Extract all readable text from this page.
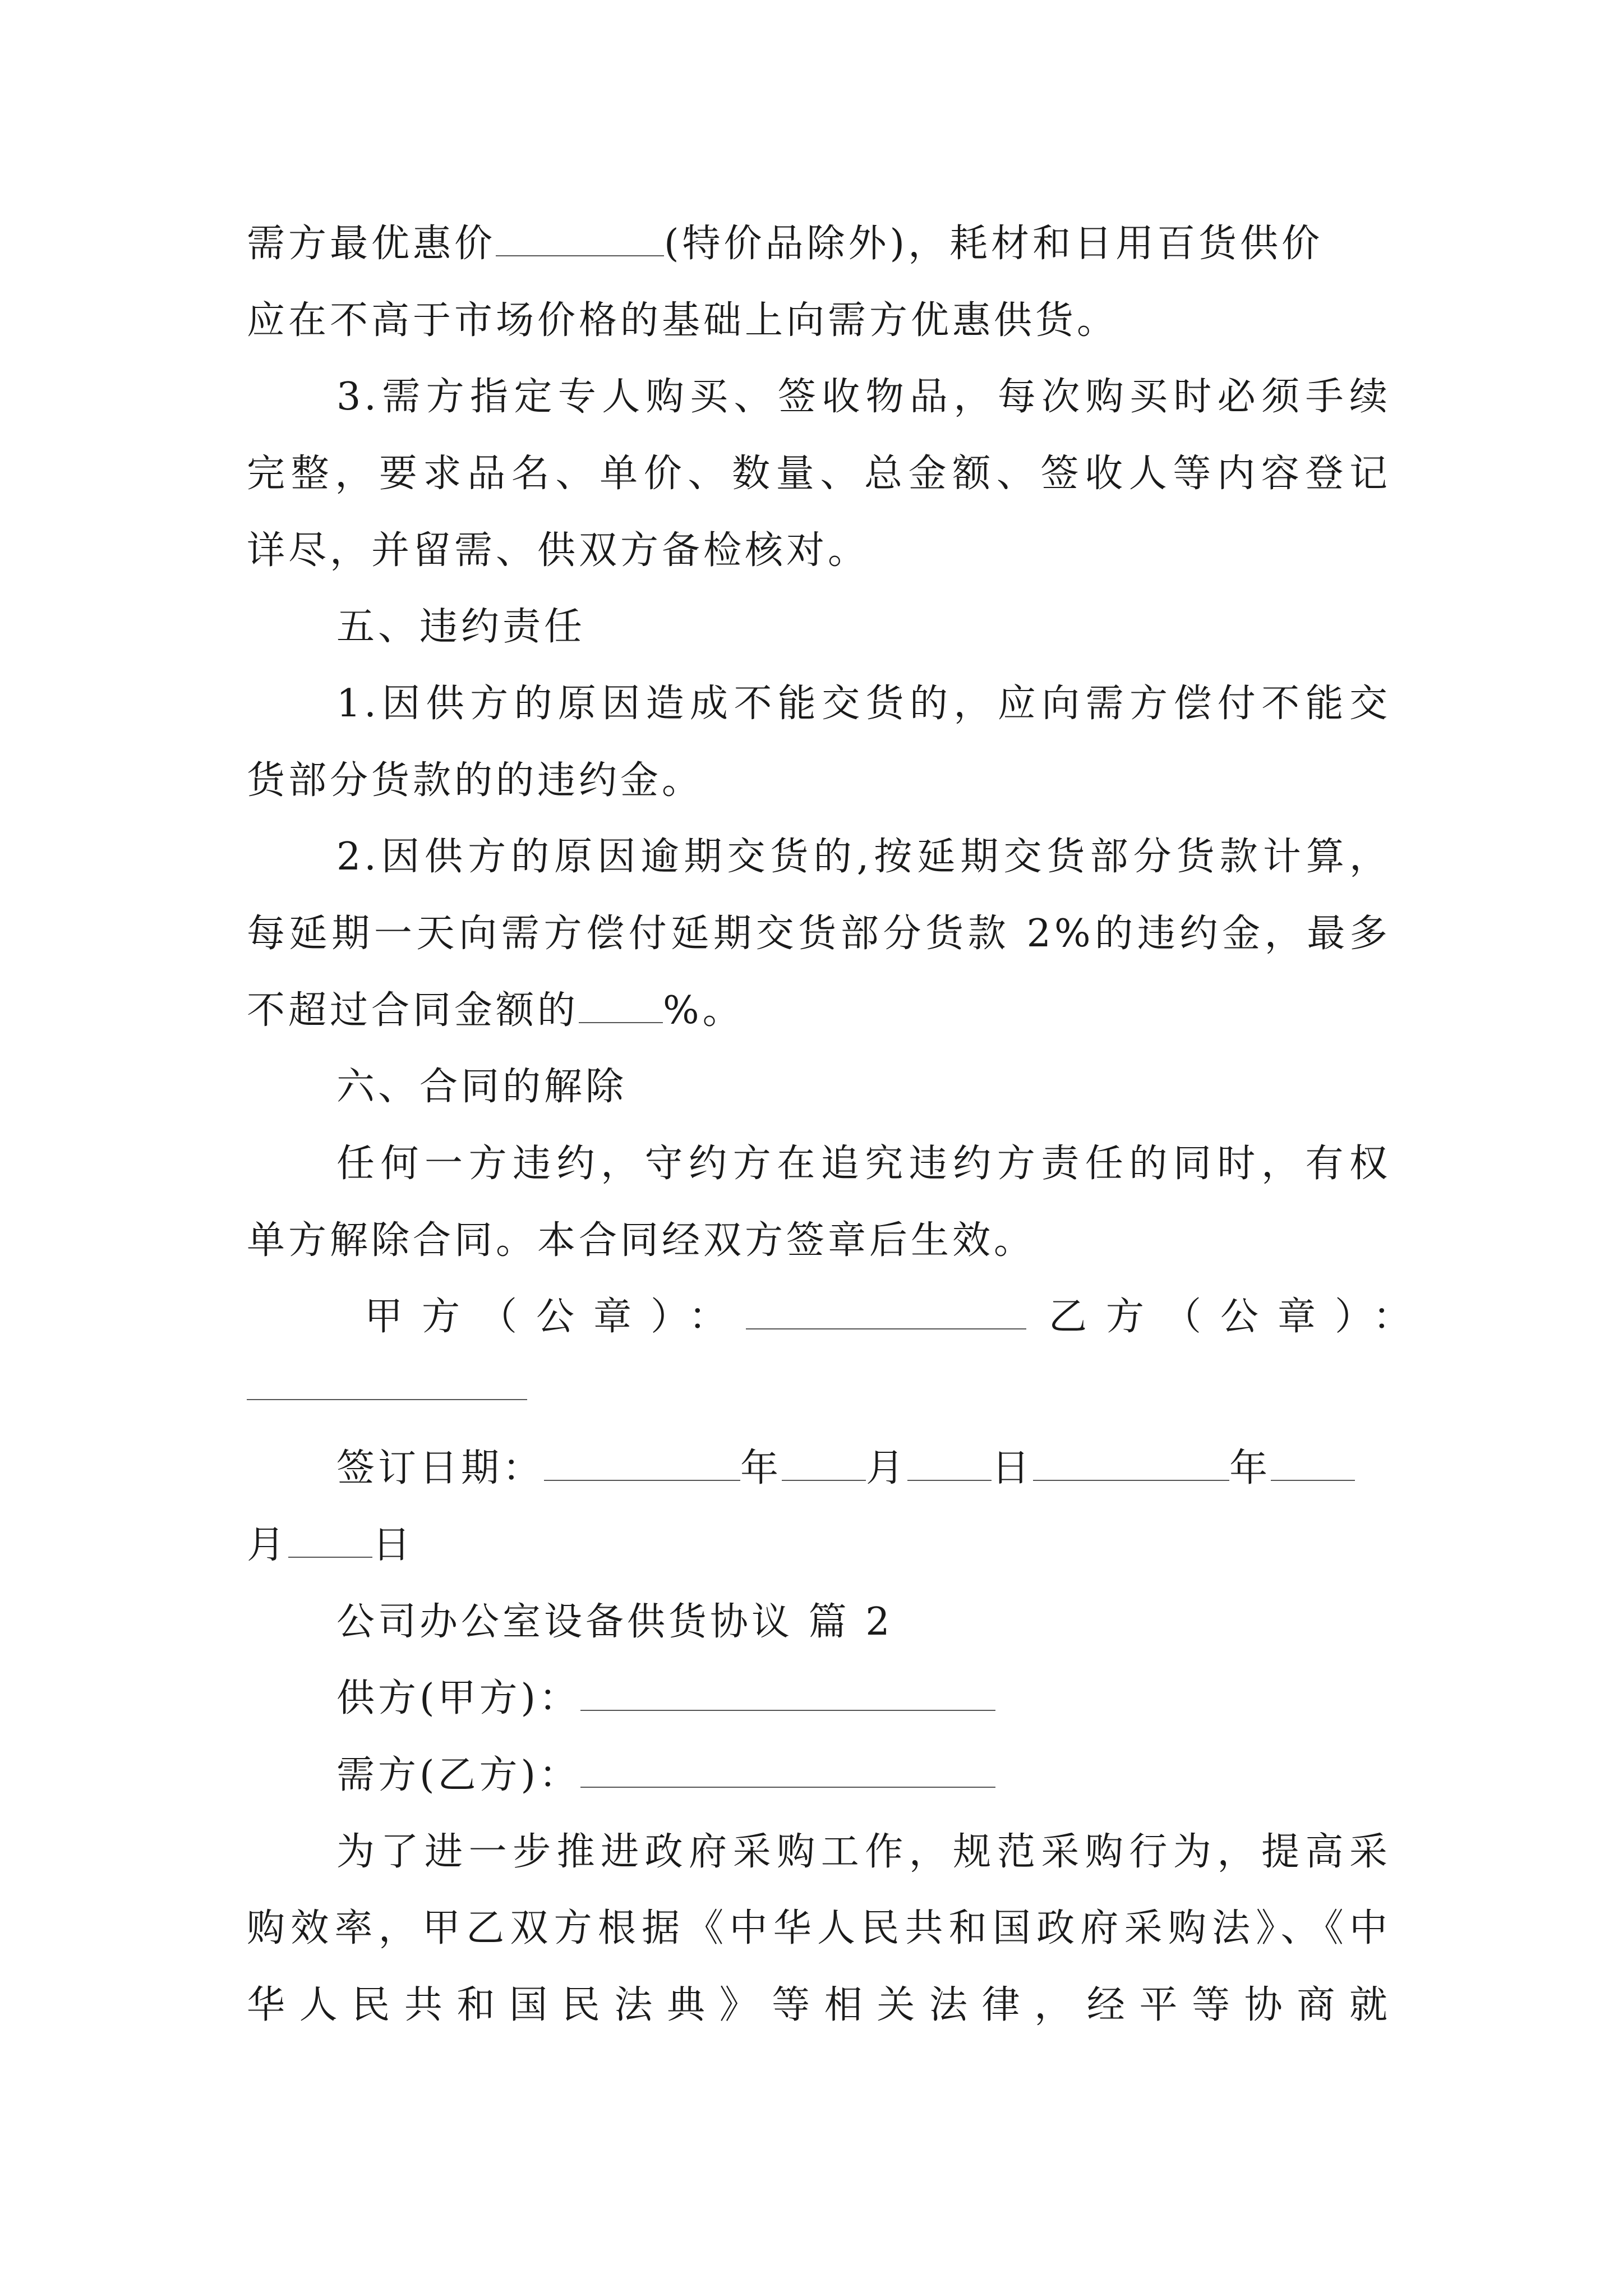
需方最优惠价	(特价品除外)，耗材和日用百货供价
应在不高于市场价格的基础上向需方优惠供货。
3.需方指定专人购买、签收物品，每次购买时必须手续
完整，要求品名、单价、数量、总金额、签收人等内容登记
详尽，并留需、供双方备检核对。
五、违约责任
1.因供方的原因造成不能交货的，应向需方偿付不能交
货部分货款的的违约金。
2.因供方的原因逾期交货的,按延期交货部分货款计算，
每延期一天向需方偿付延期交货部分货款 2%的违约金，最多
不超过合同金额的 %。
六、合同的解除
任何一方违约，守约方在追究违约方责任的同时，有权
单方解除合同。本合同经双方签章后生效。
甲方（公章）：	乙方（公章）：
签订日期：	年 月 日	年
月 日
公司办公室设备供货协议 篇 2
供方(甲方)：
需方(乙方)：
为了进一步推进政府采购工作，规范采购行为，提高采
购效率，甲乙双方根据《中华人民共和国政府采购法》、《中
华人民共和国民法典》等相关法律，经平等协商就
